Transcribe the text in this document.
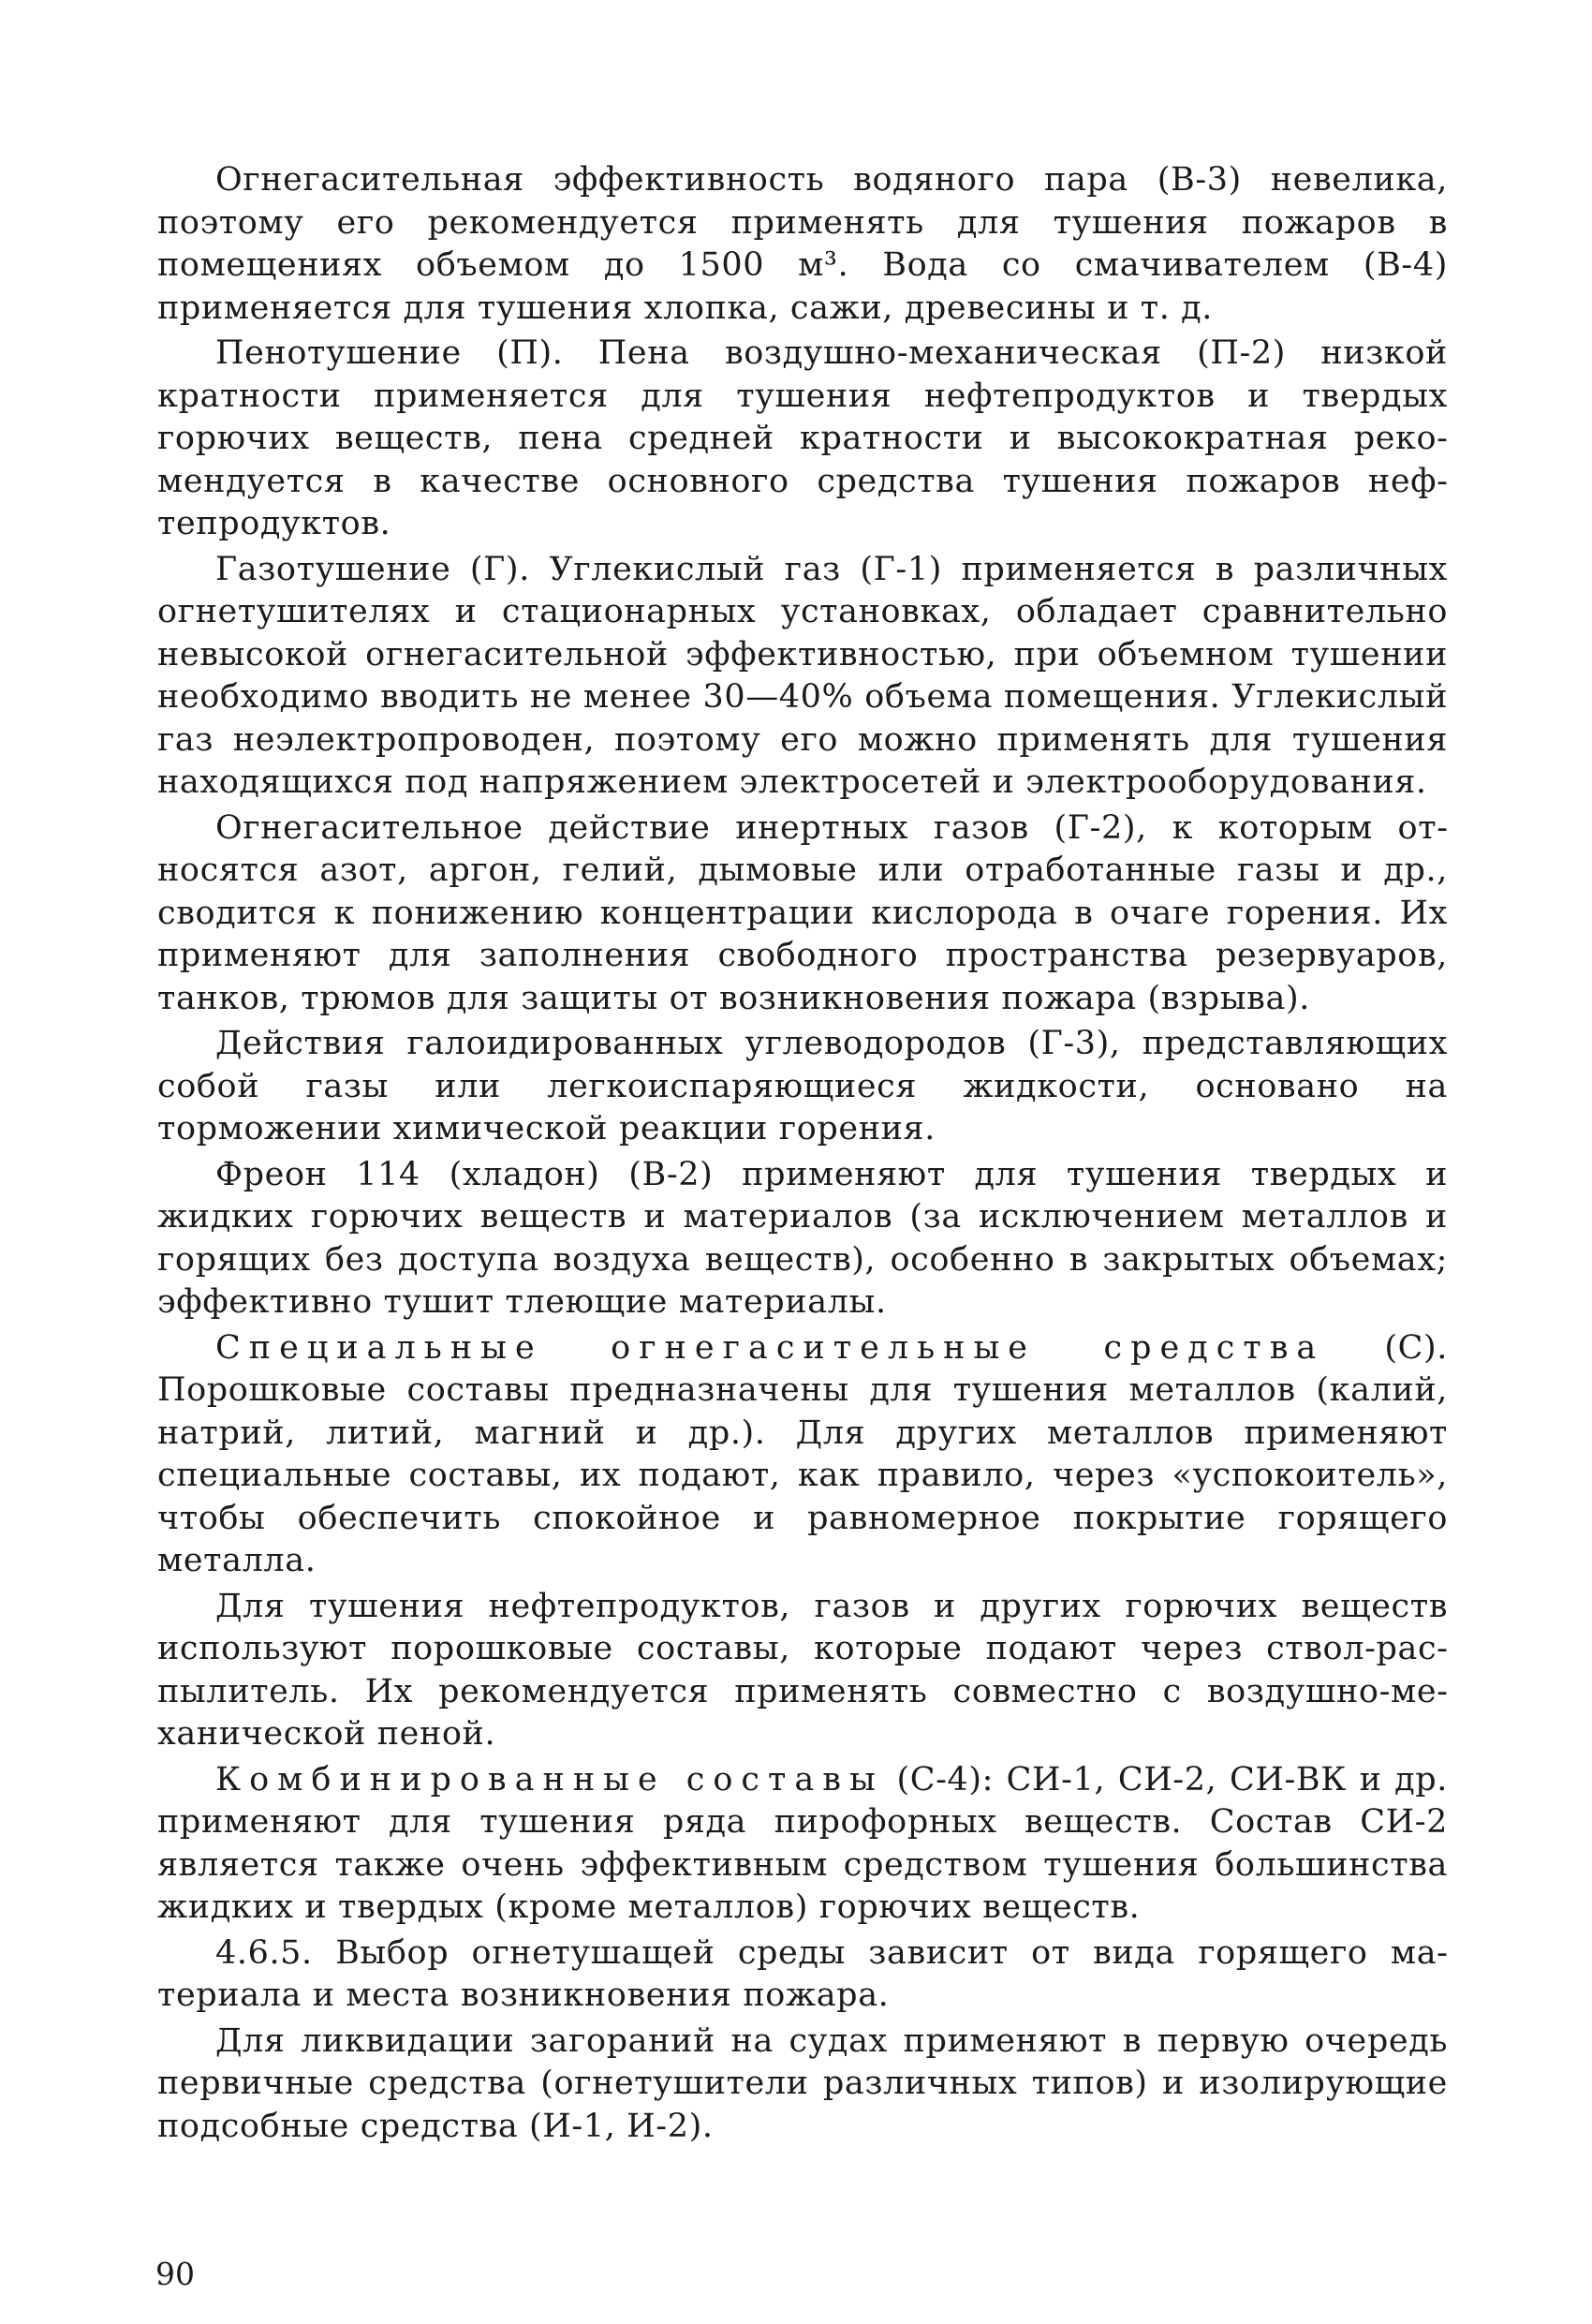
Огнегасительная эффективность водяного пара (В-3) невелика, поэтому его рекомендуется применять для тушения пожаров в помещениях объемом до 1500 м³. Вода со смачивателем (В-4) применяется для тушения хлопка, сажи, древесины и т. д.

Пенотушение (П). Пена воздушно-механическая (П-2) низкой кратности применяется для тушения нефтепродуктов и твердых горючих веществ, пена средней кратности и высокократная рекомендуется в качестве основного средства тушения пожаров нефтепродуктов.

Газотушение (Г). Углекислый газ (Г-1) применяется в различных огнетушителях и стационарных установках, обладает сравнительно невысокой огнегасительной эффективностью, при объемном тушении необходимо вводить не менее 30—40% объема помещения. Углекислый газ неэлектропроводен, поэтому его можно применять для тушения находящихся под напряжением электросетей и электрооборудования.

Огнегасительное действие инертных газов (Г-2), к которым относятся азот, аргон, гелий, дымовые или отработанные газы и др., сводится к понижению концентрации кислорода в очаге горения. Их применяют для заполнения свободного пространства резервуаров, танков, трюмов для защиты от возникновения пожара (взрыва).

Действия галоидированных углеводородов (Г-3), представляющих собой газы или легкоиспаряющиеся жидкости, основано на торможении химической реакции горения.

Фреон 114 (хладон) (В-2) применяют для тушения твердых и жидких горючих веществ и материалов (за исключением металлов и горящих без доступа воздуха веществ), особенно в закрытых объемах; эффективно тушит тлеющие материалы.

Специальные огнегасительные средства (С). Порошковые составы предназначены для тушения металлов (калий, натрий, литий, магний и др.). Для других металлов применяют специальные составы, их подают, как правило, через «успокоитель», чтобы обеспечить спокойное и равномерное покрытие горящего металла.

Для тушения нефтепродуктов, газов и других горючих веществ используют порошковые составы, которые подают через ствол-распылитель. Их рекомендуется применять совместно с воздушно-механической пеной.

Комбинированные составы (С-4): СИ-1, СИ-2, СИ-ВК и др. применяют для тушения ряда пирофорных веществ. Состав СИ-2 является также очень эффективным средством тушения большинства жидких и твердых (кроме металлов) горючих веществ.

4.6.5. Выбор огнетушащей среды зависит от вида горящего материала и места возникновения пожара.

Для ликвидации загораний на судах применяют в первую очередь первичные средства (огнетушители различных типов) и изолирующие подсобные средства (И-1, И-2).

90
